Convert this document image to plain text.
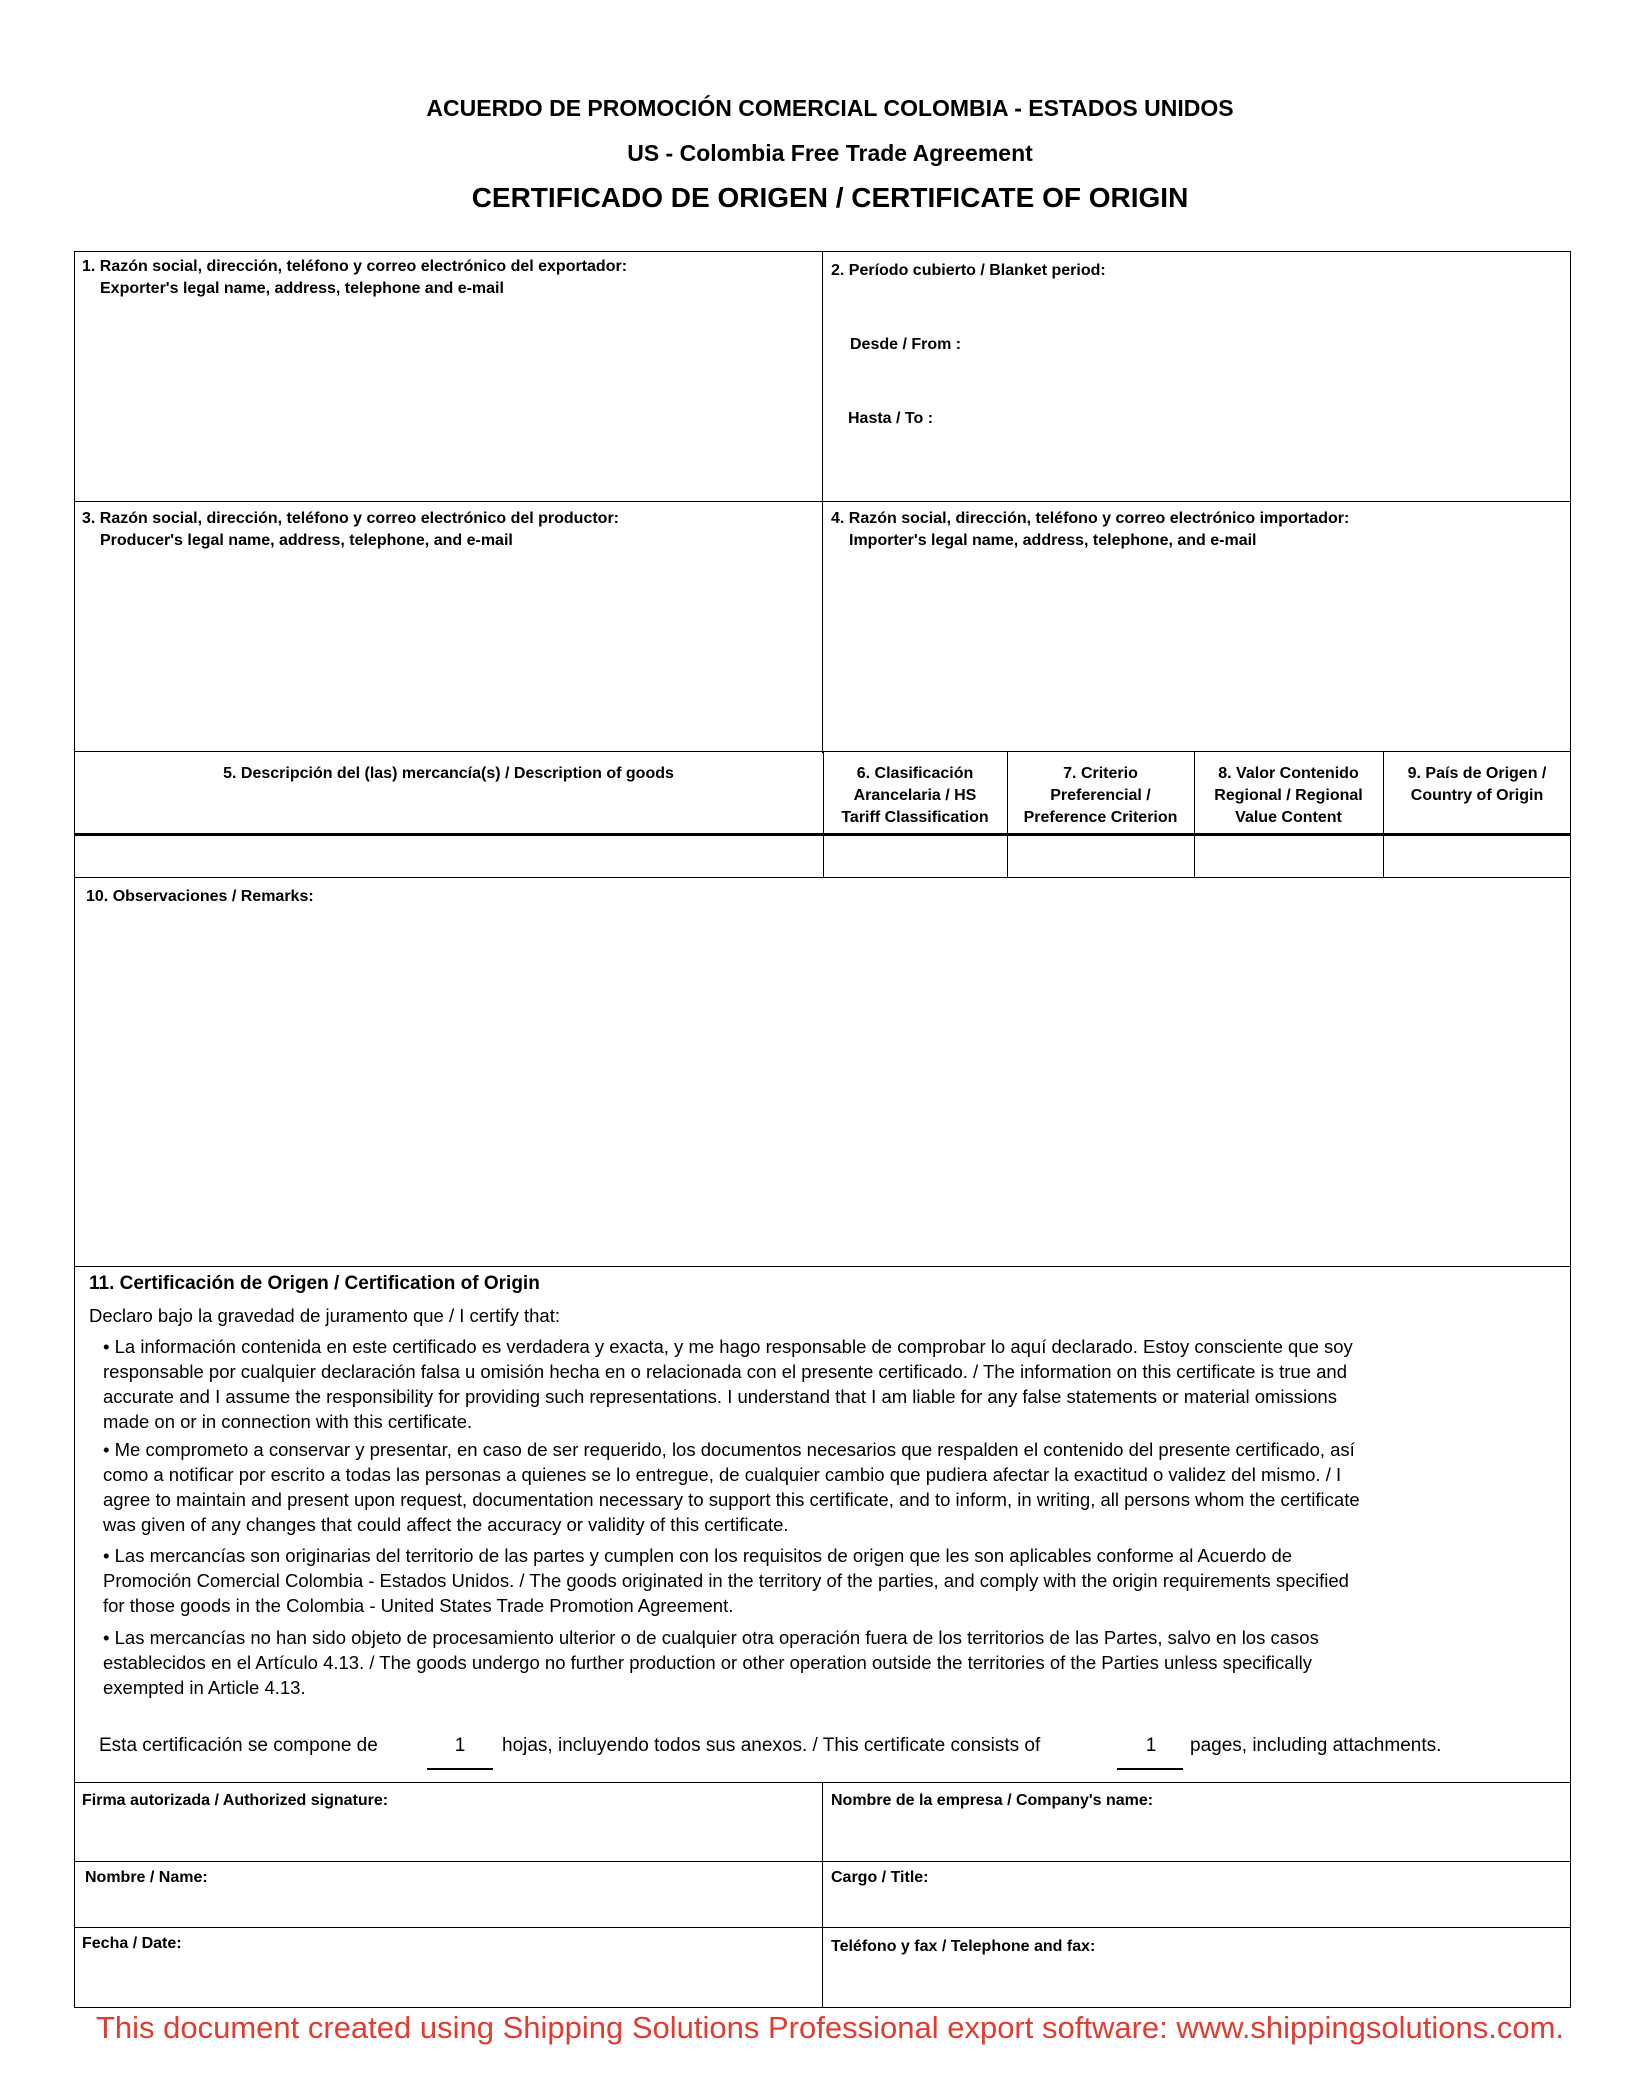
ACUERDO DE PROMOCIÓN COMERCIAL COLOMBIA - ESTADOS UNIDOS
US - Colombia Free Trade Agreement
CERTIFICADO DE ORIGEN / CERTIFICATE OF ORIGIN
1. Razón social, dirección, teléfono y correo electrónico del exportador:
Exporter's legal name, address, telephone and e-mail
2. Período cubierto / Blanket period:
Desde / From :
Hasta / To :
3. Razón social, dirección, teléfono y correo electrónico del productor:
Producer's legal name, address, telephone, and e-mail
4. Razón social, dirección, teléfono y correo electrónico importador:
Importer's legal name, address, telephone, and e-mail
5. Descripción del (las) mercancía(s) / Description of goods	6. Clasificación
Arancelaria / HS
Tariff Classification
7. Criterio
Preferencial /
Preference Criterion
8. Valor Contenido
Regional / Regional
Value Content
9. País de Origen /
Country of Origin
10. Observaciones / Remarks:
11. Certificación de Origen / Certification of Origin
Declaro bajo la gravedad de juramento que / I certify that:
• La información contenida en este certificado es verdadera y exacta, y me hago responsable de comprobar lo aquí declarado. Estoy consciente que soy
responsable por cualquier declaración falsa u omisión hecha en o relacionada con el presente certificado. / The information on this certificate is true and
accurate and I assume the responsibility for providing such representations. I understand that I am liable for any false statements or material omissions
made on or in connection with this certificate.
• Me comprometo a conservar y presentar, en caso de ser requerido, los documentos necesarios que respalden el contenido del presente certificado, así
como a notificar por escrito a todas las personas a quienes se lo entregue, de cualquier cambio que pudiera afectar la exactitud o validez del mismo. / I
agree to maintain and present upon request, documentation necessary to support this certificate, and to inform, in writing, all persons whom the certificate
was given of any changes that could affect the accuracy or validity of this certificate.
• Las mercancías son originarias del territorio de las partes y cumplen con los requisitos de origen que les son aplicables conforme al Acuerdo de
Promoción Comercial Colombia - Estados Unidos. / The goods originated in the territory of the parties, and comply with the origin requirements specified
for those goods in the Colombia - United States Trade Promotion Agreement.
• Las mercancías no han sido objeto de procesamiento ulterior o de cualquier otra operación fuera de los territorios de las Partes, salvo en los casos
establecidos en el Artículo 4.13. / The goods undergo no further production or other operation outside the territories of the Parties unless specifically
exempted in Article 4.13.
Esta certificación se compone de	1	hojas, incluyendo todos sus anexos. / This certificate consists of	1	pages, including attachments.
Firma autorizada / Authorized signature:	Nombre de la empresa / Company's name:
Nombre / Name:	Cargo / Title:
Fecha / Date:	Teléfono y fax / Telephone and fax:
This document created using Shipping Solutions Professional export software: www.shippingsolutions.com.
